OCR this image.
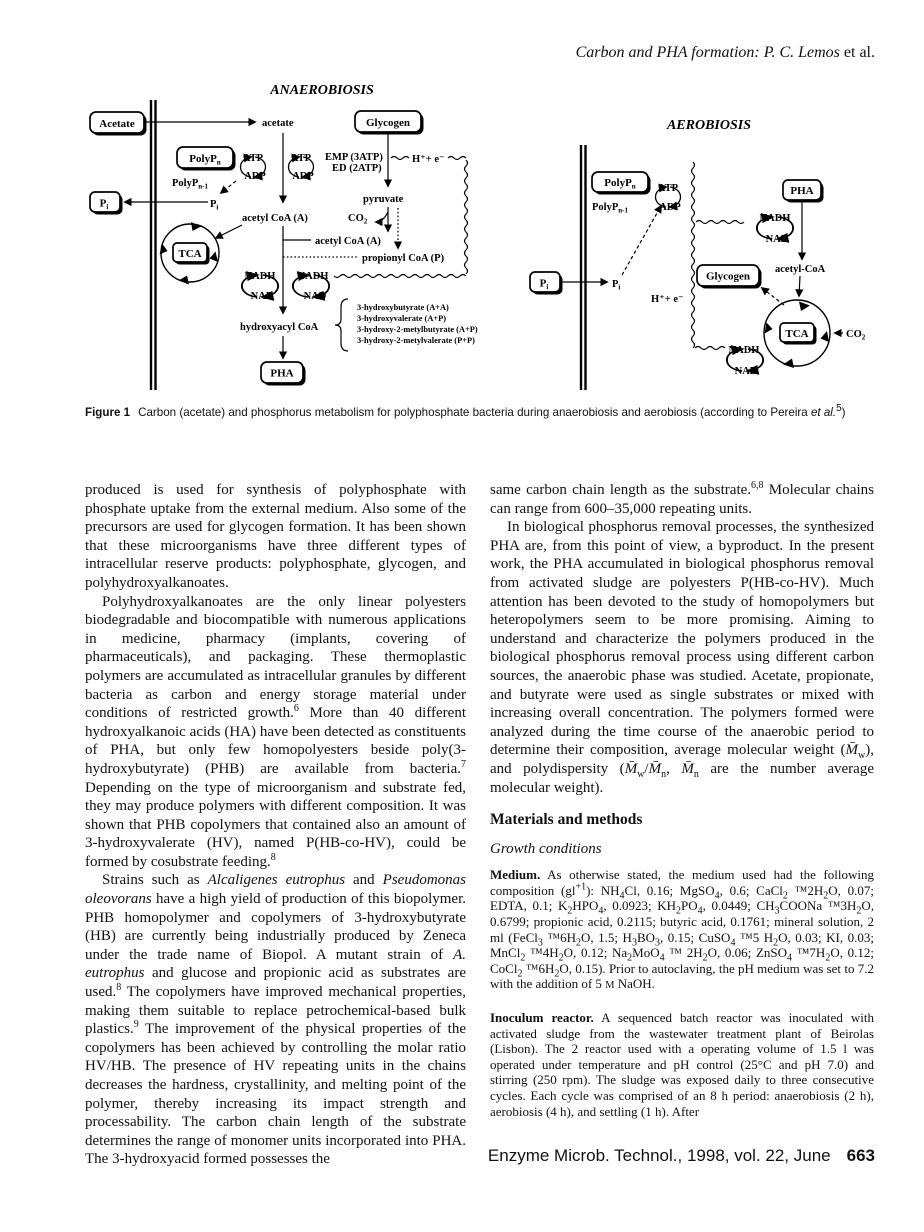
Carbon and PHA formation: P. C. Lemos et al.
ANAEROBIOSIS
Acetate	Glycogen
PolyP$_n$
$P_i$
TCA
PHA
acetate
PolyP$_{n-1}$
ATP
ADP
ATP
ADP
EMP (3ATP)
ED (2ATP)
H⁺+ e⁻
$P_i$
pyruvate
$CO_2$
acetyl CoA (A)
acetyl CoA (A)
propionyl CoA (P)
NADH
NAD
NADH
NAD
hydroxyacyl CoA
3-hydroxybutyrate (A+A)
3-hydroxyvalerate (A+P)
3-hydroxy-2-metylbutyrate (A+P)
3-hydroxy-2-metylvalerate (P+P)
AEROBIOSIS
PolyP$_n$	PHA
Glycogen
$P_i$
TCA
PolyP$_{n-1}$
ATP
ADP
NADH
NAD
acetyl-CoA
$P_i$
H⁺+ e⁻
$CO_2$
NADH
NAD
Figure 1 Carbon (acetate) and phosphorus metabolism for polyphosphate bacteria during anaerobiosis and aerobiosis (according to Pereira et al.$^5$)

produced is used for synthesis of polyphosphate with phosphate uptake from the external medium. Also some of the precursors are used for glycogen formation. It has been shown that these microorganisms have three different types of intracellular reserve products: polyphosphate, glycogen, and polyhydroxyalkanoates.

Polyhydroxyalkanoates are the only linear polyesters biodegradable and biocompatible with numerous applications in medicine, pharmacy (implants, covering of pharmaceuticals), and packaging. These thermoplastic polymers are accumulated as intracellular granules by different bacteria as carbon and energy storage material under conditions of restricted growth.$^6$ More than 40 different hydroxyalkanoic acids (HA) have been detected as constituents of PHA, but only few homopolyesters beside poly(3-hydroxybutyrate) (PHB) are available from bacteria.$^7$ Depending on the type of microorganism and substrate fed, they may produce polymers with different composition. It was shown that PHB copolymers that contained also an amount of 3-hydroxyvalerate (HV), named P(HB-co-HV), could be formed by cosubstrate feeding.$^8$

Strains such as Alcaligenes eutrophus and Pseudomonas oleovorans have a high yield of production of this biopolymer. PHB homopolymer and copolymers of 3-hydroxybutyrate (HB) are currently being industrially produced by Zeneca under the trade name of Biopol. A mutant strain of A. eutrophus and glucose and propionic acid as substrates are used.$^8$ The copolymers have improved mechanical properties, making them suitable to replace petrochemical-based bulk plastics.$^9$ The improvement of the physical properties of the copolymers has been achieved by controlling the molar ratio HV/HB. The presence of HV repeating units in the chains decreases the hardness, crystallinity, and melting point of the polymer, thereby increasing its impact strength and processability. The carbon chain length of the substrate determines the range of monomer units incorporated into PHA. The 3-hydroxyacid formed possesses the

same carbon chain length as the substrate.$^{6,8}$ Molecular chains can range from 600–35,000 repeating units.

In biological phosphorus removal processes, the synthesized PHA are, from this point of view, a byproduct. In the present work, the PHA accumulated in biological phosphorus removal from activated sludge are polyesters P(HB-co-HV). Much attention has been devoted to the study of homopolymers but heteropolymers seem to be more promising. Aiming to understand and characterize the polymers produced in the biological phosphorus removal process using different carbon sources, the anaerobic phase was studied. Acetate, propionate, and butyrate were used as single substrates or mixed with increasing overall concentration. The polymers formed were analyzed during the time course of the anaerobic period to determine their composition, average molecular weight $(M̄_w)$, and polydispersity ($M̄_w/M̄_n$, $M̄_n$ are the number average molecular weight).

Materials and methods
Growth conditions

Medium. As otherwise stated, the medium used had the following composition $(gl^{+1})$: $NH_4Cl$, 0.16; MgSO$_4$, 0.6; CaCl$_2$ $™2H_2O$, 0.07; EDTA, 0.1; $K_2HPO_4$, 0.0923; $KH_2PO_4$, 0.0449; $CH_3COONa$ $™3H_2O$, 0.6799; propionic acid, 0.2115; butyric acid, 0.1761; mineral solution, 2 ml (FeCl$_3$ $™6H_2O$, 1.5; $H_3BO_3$, 0.15; CuSO$_4$ ™5 $H_2O$, 0.03; KI, 0.03; MnCl$_2$ $™4H_2O$, 0.12; $Na_2MoO_4$ ™ $2H_2O$, 0.06; ZnSO$_4$ $™7H_2O$, 0.12; CoCl$_2$ $™6H_2O$, 0.15). Prior to autoclaving, the pH medium was set to 7.2 with the addition of 5 M NaOH.

Inoculum reactor. A sequenced batch reactor was inoculated with activated sludge from the wastewater treatment plant of Beirolas (Lisbon). The 2 reactor used with a operating volume of 1.5 l was operated under temperature and pH control (25°C and pH 7.0) and stirring (250 rpm). The sludge was exposed daily to three consecutive cycles. Each cycle was comprised of an 8 h period: anaerobiosis (2 h), aerobiosis (4 h), and settling (1 h). After

Enzyme Microb. Technol., 1998, vol. 22, June 663
